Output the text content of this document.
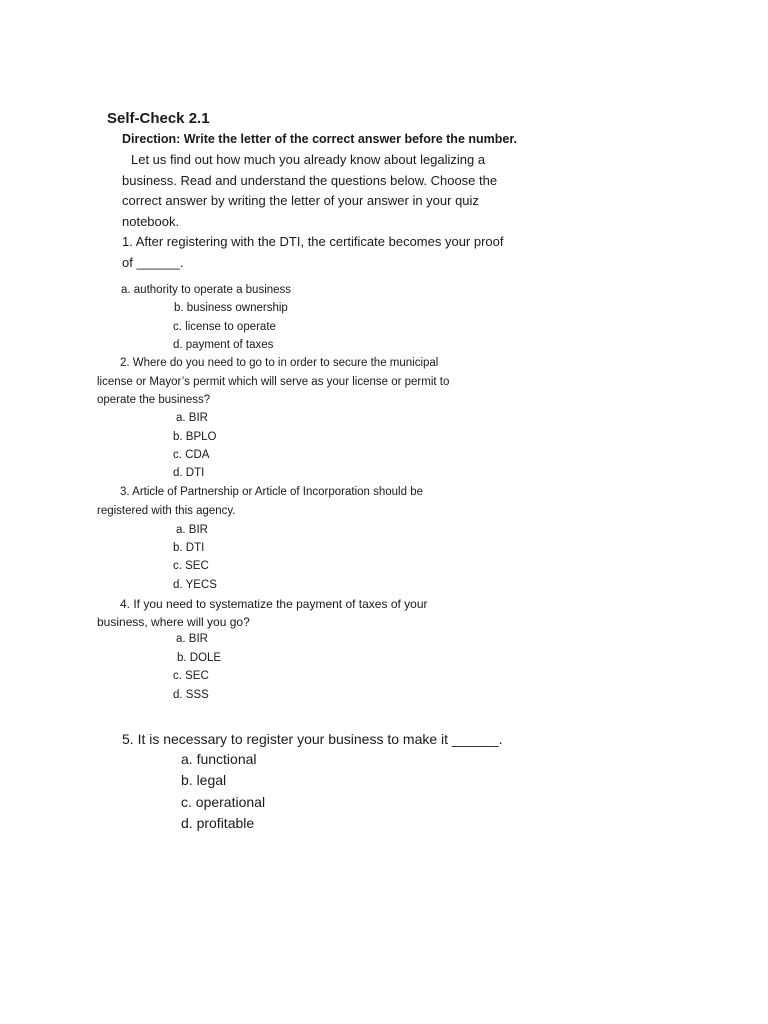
Self-Check 2.1
Direction: Write the letter of the correct answer before the number.
Let us find out how much you already know about legalizing a
business. Read and understand the questions below. Choose the
correct answer by writing the letter of your answer in your quiz
notebook.
1. After registering with the DTI, the certificate becomes your proof
of ______.
a. authority to operate a business
b. business ownership
c. license to operate
d. payment of taxes
2. Where do you need to go to in order to secure the municipal
license or Mayor’s permit which will serve as your license or permit to
operate the business?
a. BIR
b. BPLO
c. CDA
d. DTI
3. Article of Partnership or Article of Incorporation should be
registered with this agency.
a. BIR
b. DTI
c. SEC
d. YECS
4. If you need to systematize the payment of taxes of your
business, where will you go?
a. BIR
b. DOLE
c. SEC
d. SSS
5. It is necessary to register your business to make it ______.
a. functional
b. legal
c. operational
d. profitable
